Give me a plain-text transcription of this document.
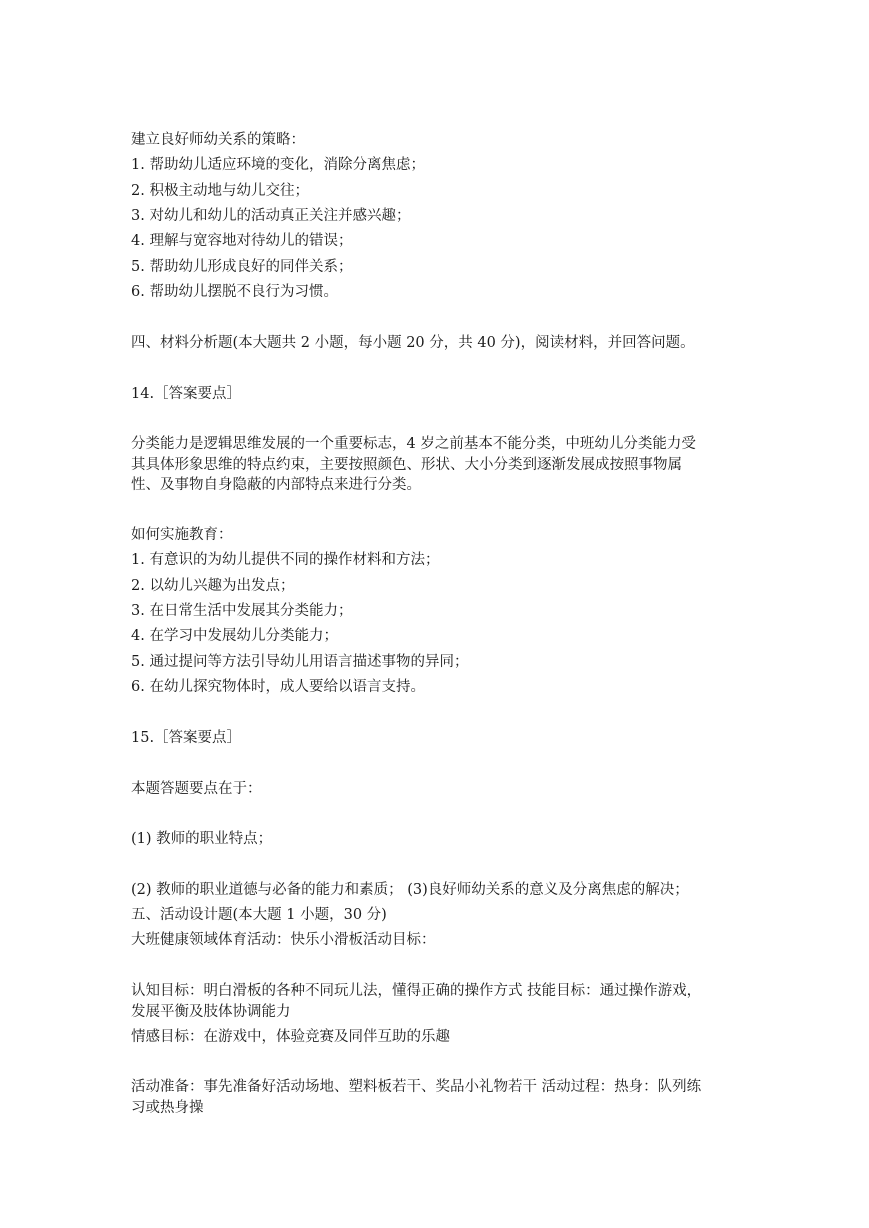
建立良好师幼关系的策略：
1. 帮助幼儿适应环境的变化，消除分离焦虑；
2. 积极主动地与幼儿交往；
3. 对幼儿和幼儿的活动真正关注并感兴趣；
4. 理解与宽容地对待幼儿的错误；
5. 帮助幼儿形成良好的同伴关系；
6. 帮助幼儿摆脱不良行为习惯。
四、材料分析题(本大题共 2 小题，每小题 20 分，共 40 分)，阅读材料，并回答问题。
14.［答案要点］
分类能力是逻辑思维发展的一个重要标志，4 岁之前基本不能分类，中班幼儿分类能力受
其具体形象思维的特点约束，主要按照颜色、形状、大小分类到逐渐发展成按照事物属
性、及事物自身隐蔽的内部特点来进行分类。
如何实施教育：
1. 有意识的为幼儿提供不同的操作材料和方法；
2. 以幼儿兴趣为出发点；
3. 在日常生活中发展其分类能力；
4. 在学习中发展幼儿分类能力；
5. 通过提问等方法引导幼儿用语言描述事物的异同；
6. 在幼儿探究物体时，成人要给以语言支持。
15.［答案要点］
本题答题要点在于：
(1) 教师的职业特点；
(2) 教师的职业道德与必备的能力和素质； (3)良好师幼关系的意义及分离焦虑的解决；
五、活动设计题(本大题 1 小题，30 分)
大班健康领域体育活动：快乐小滑板活动目标：
认知目标：明白滑板的各种不同玩儿法，懂得正确的操作方式 技能目标：通过操作游戏，
发展平衡及肢体协调能力
情感目标：在游戏中，体验竞赛及同伴互助的乐趣
活动准备：事先准备好活动场地、塑料板若干、奖品小礼物若干 活动过程：热身：队列练
习或热身操
